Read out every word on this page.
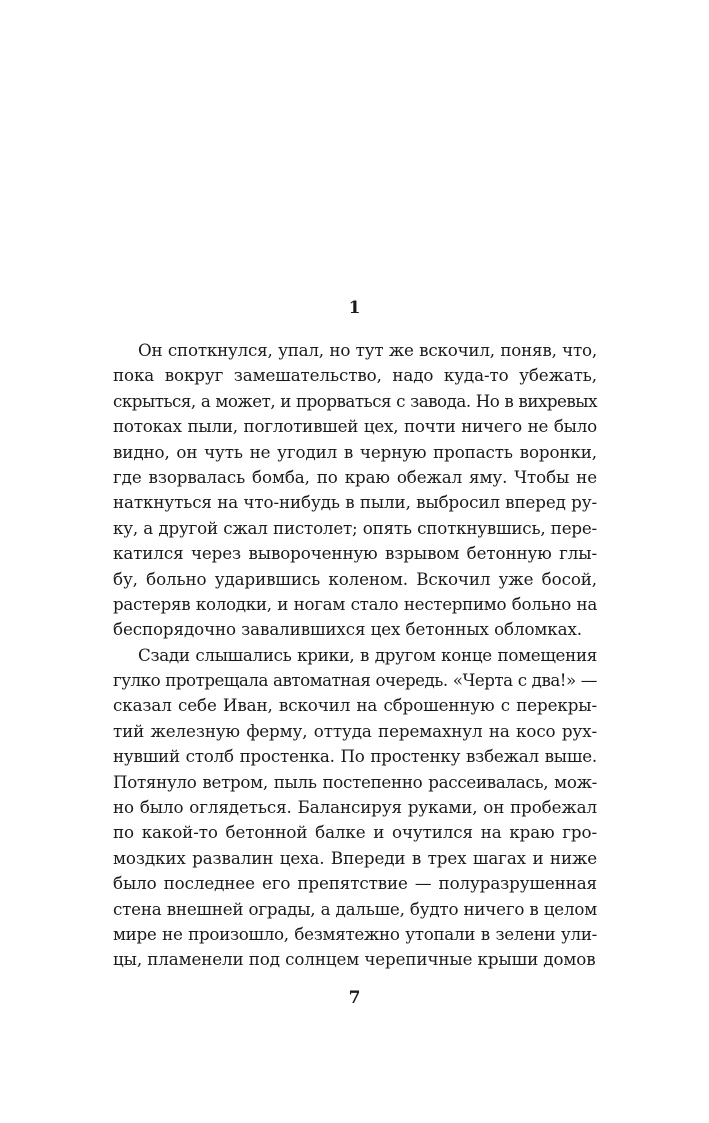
1
Он споткнулся, упал, но тут же вскочил, поняв, что,
пока вокруг замешательство, надо куда-то убежать,
скрыться, а может, и прорваться с завода. Но в вихревых
потоках пыли, поглотившей цех, почти ничего не было
видно, он чуть не угодил в черную пропасть воронки,
где взорвалась бомба, по краю обежал яму. Чтобы не
наткнуться на что-нибудь в пыли, выбросил вперед ру-
ку, а другой сжал пистолет; опять споткнувшись, пере-
катился через вывороченную взрывом бетонную глы-
бу, больно ударившись коленом. Вскочил уже босой,
растеряв колодки, и ногам стало нестерпимо больно на
беспорядочно завалившихся цех бетонных обломках.
Сзади слышались крики, в другом конце помещения
гулко протрещала автоматная очередь. «Черта с два!» —
сказал себе Иван, вскочил на сброшенную с перекры-
тий железную ферму, оттуда перемахнул на косо рух-
нувший столб простенка. По простенку взбежал выше.
Потянуло ветром, пыль постепенно рассеивалась, мож-
но было оглядеться. Балансируя руками, он пробежал
по какой-то бетонной балке и очутился на краю гро-
моздких развалин цеха. Впереди в трех шагах и ниже
было последнее его препятствие — полуразрушенная
стена внешней ограды, а дальше, будто ничего в целом
мире не произошло, безмятежно утопали в зелени ули-
цы, пламенели под солнцем черепичные крыши домов
7
